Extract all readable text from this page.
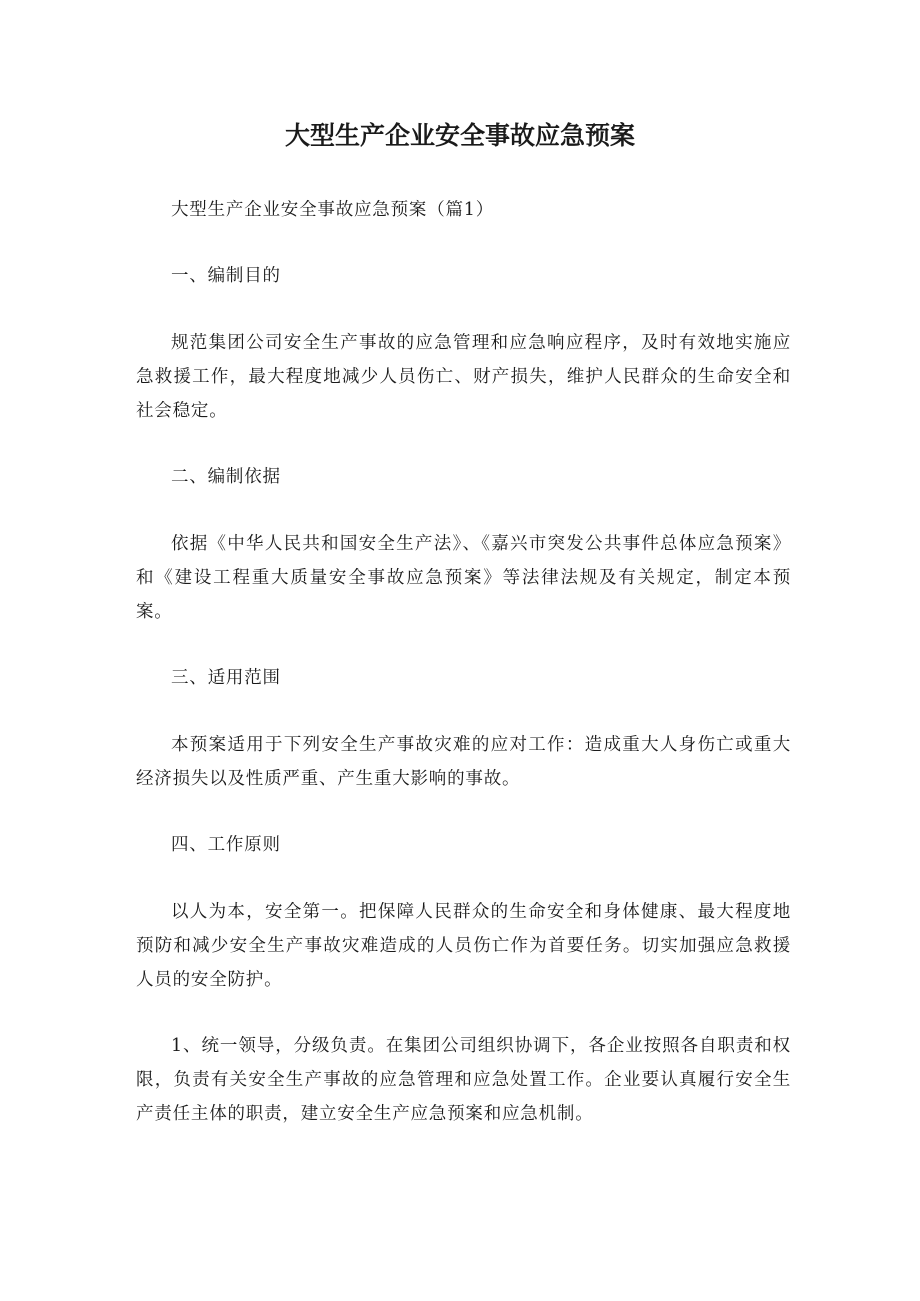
大型生产企业安全事故应急预案

大型生产企业安全事故应急预案（篇1）

一、编制目的

规范集团公司安全生产事故的应急管理和应急响应程序，及时有效地实施应急救援工作，最大程度地减少人员伤亡、财产损失，维护人民群众的生命安全和社会稳定。

二、编制依据

依据《中华人民共和国安全生产法》、《嘉兴市突发公共事件总体应急预案》和《建设工程重大质量安全事故应急预案》等法律法规及有关规定，制定本预案。

三、适用范围

本预案适用于下列安全生产事故灾难的应对工作：造成重大人身伤亡或重大经济损失以及性质严重、产生重大影响的事故。

四、工作原则

以人为本，安全第一。把保障人民群众的生命安全和身体健康、最大程度地预防和减少安全生产事故灾难造成的人员伤亡作为首要任务。切实加强应急救援人员的安全防护。

1、统一领导，分级负责。在集团公司组织协调下，各企业按照各自职责和权限，负责有关安全生产事故的应急管理和应急处置工作。企业要认真履行安全生产责任主体的职责，建立安全生产应急预案和应急机制。
